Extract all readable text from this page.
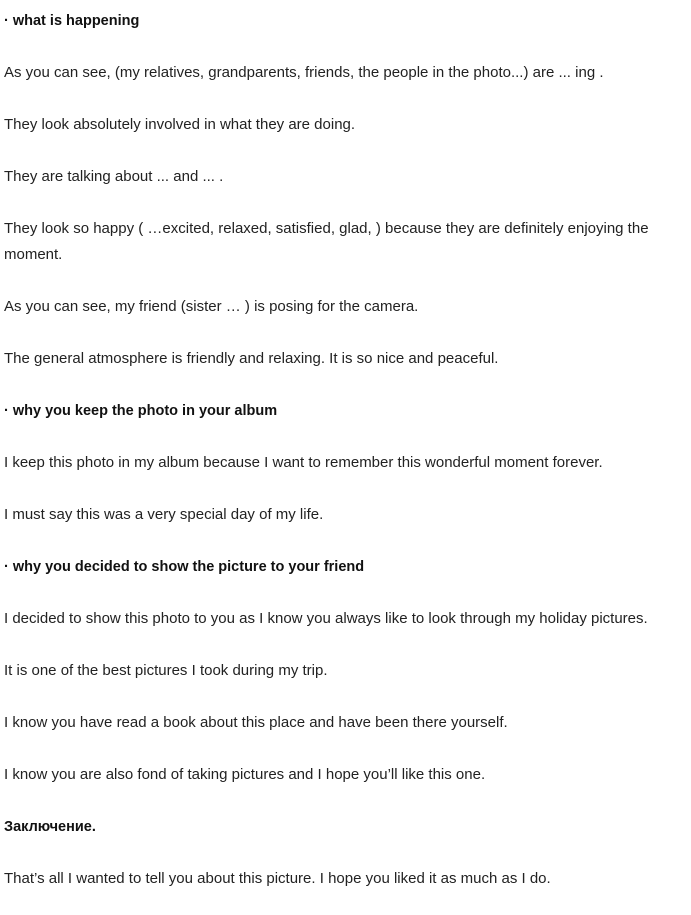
· what is happening

As you can see, (my relatives, grandparents, friends, the people in the photo...) are ... ing .

They look absolutely involved in what they are doing.

They are talking about ... and ... .

They look so happy ( …excited, relaxed, satisfied, glad, ) because they are definitely enjoying the moment.

As you can see, my friend (sister … ) is posing for the camera.

The general atmosphere is friendly and relaxing. It is so nice and peaceful.

· why you keep the photo in your album

I keep this photo in my album because I want to remember this wonderful moment forever.

I must say this was a very special day of my life.

· why you decided to show the picture to your friend

I decided to show this photo to you as I know you always like to look through my holiday pictures.

It is one of the best pictures I took during my trip.

I know you have read a book about this place and have been there yourself.

I know you are also fond of taking pictures and I hope you’ll like this one.

Заключение.

That’s all I wanted to tell you about this picture. I hope you liked it as much as I do.
